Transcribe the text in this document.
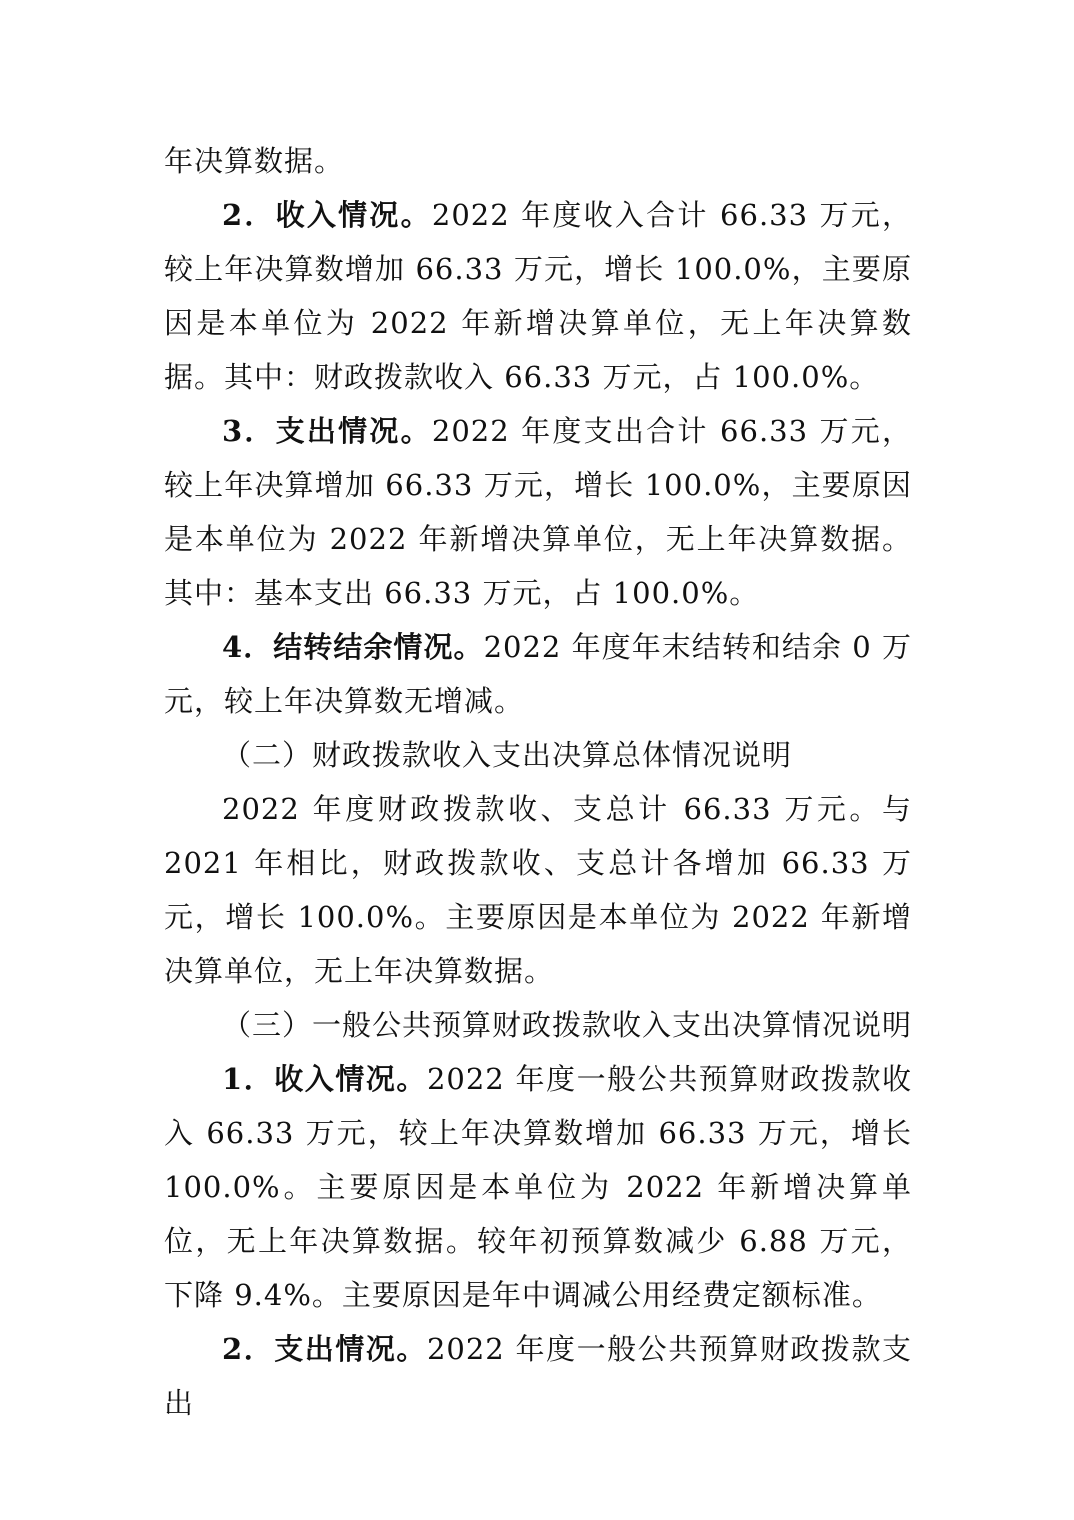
年决算数据。

2．收入情况。2022 年度收入合计 66.33 万元，较上年决算数增加 66.33 万元，增长 100.0%，主要原因是本单位为 2022 年新增决算单位，无上年决算数据。其中：财政拨款收入 66.33 万元，占 100.0%。

3．支出情况。2022 年度支出合计 66.33 万元，较上年决算增加 66.33 万元，增长 100.0%，主要原因是本单位为 2022 年新增决算单位，无上年决算数据。其中：基本支出 66.33 万元，占 100.0%。

4．结转结余情况。2022 年度年末结转和结余 0 万元，较上年决算数无增减。

（二）财政拨款收入支出决算总体情况说明

2022 年度财政拨款收、支总计 66.33 万元。与 2021 年相比，财政拨款收、支总计各增加 66.33 万元，增长 100.0%。主要原因是本单位为 2022 年新增决算单位，无上年决算数据。

（三）一般公共预算财政拨款收入支出决算情况说明

1．收入情况。2022 年度一般公共预算财政拨款收入 66.33 万元，较上年决算数增加 66.33 万元，增长 100.0%。主要原因是本单位为 2022 年新增决算单位，无上年决算数据。较年初预算数减少 6.88 万元，下降 9.4%。主要原因是年中调减公用经费定额标准。

2．支出情况。2022 年度一般公共预算财政拨款支出
